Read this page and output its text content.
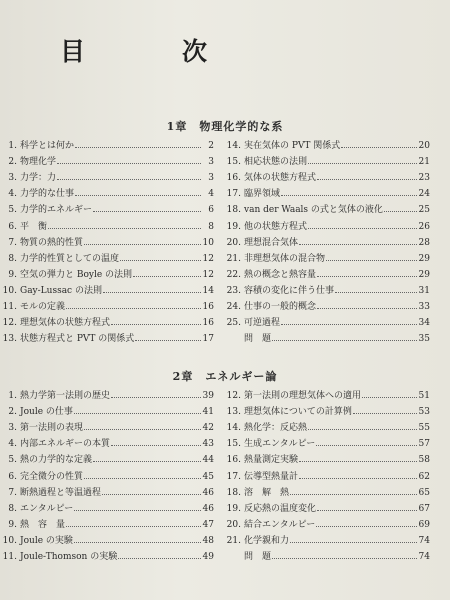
目　次
1章　物理化学的な系
1. 科学とは何か	2
2. 物理化学	3
3. 力学：力	3
4. 力学的な仕事	4
5. 力学的エネルギー	6
6. 平　衡	8
7. 物質の熱的性質	10
8. 力学的性質としての温度	12
9. 空気の弾力と Boyle の法則	12
10. Gay-Lussac の法則	14
11. モルの定義	16
12. 理想気体の状態方程式	16
13. 状態方程式と PVT の関係式	17
14. 実在気体の PVT 関係式	20
15. 相応状態の法則	21
16. 気体の状態方程式	23
17. 臨界領域	24
18. van der Waals の式と気体の液化	25
19. 他の状態方程式	26
20. 理想混合気体	28
21. 非理想気体の混合物	29
22. 熱の概念と熱容量	29
23. 容積の変化に伴う仕事	31
24. 仕事の一般的概念	33
25. 可逆過程	34
問　題	35
2章　エネルギー論
1. 熱力学第一法則の歴史	39
2. Joule の仕事	41
3. 第一法則の表現	42
4. 内部エネルギーの本質	43
5. 熱の力学的な定義	44
6. 完全微分の性質	45
7. 断熱過程と等温過程	46
8. エンタルピー	46
9. 熱　容　量	47
10. Joule の実験	48
11. Joule-Thomson の実験	49
12. 第一法則の理想気体への適用	51
13. 理想気体についての計算例	53
14. 熱化学：反応熱	55
15. 生成エンタルピー	57
16. 熱量測定実験	58
17. 伝導型熱量計	62
18. 溶　解　熱	65
19. 反応熱の温度変化	67
20. 結合エンタルピー	69
21. 化学親和力	74
問　題	74
